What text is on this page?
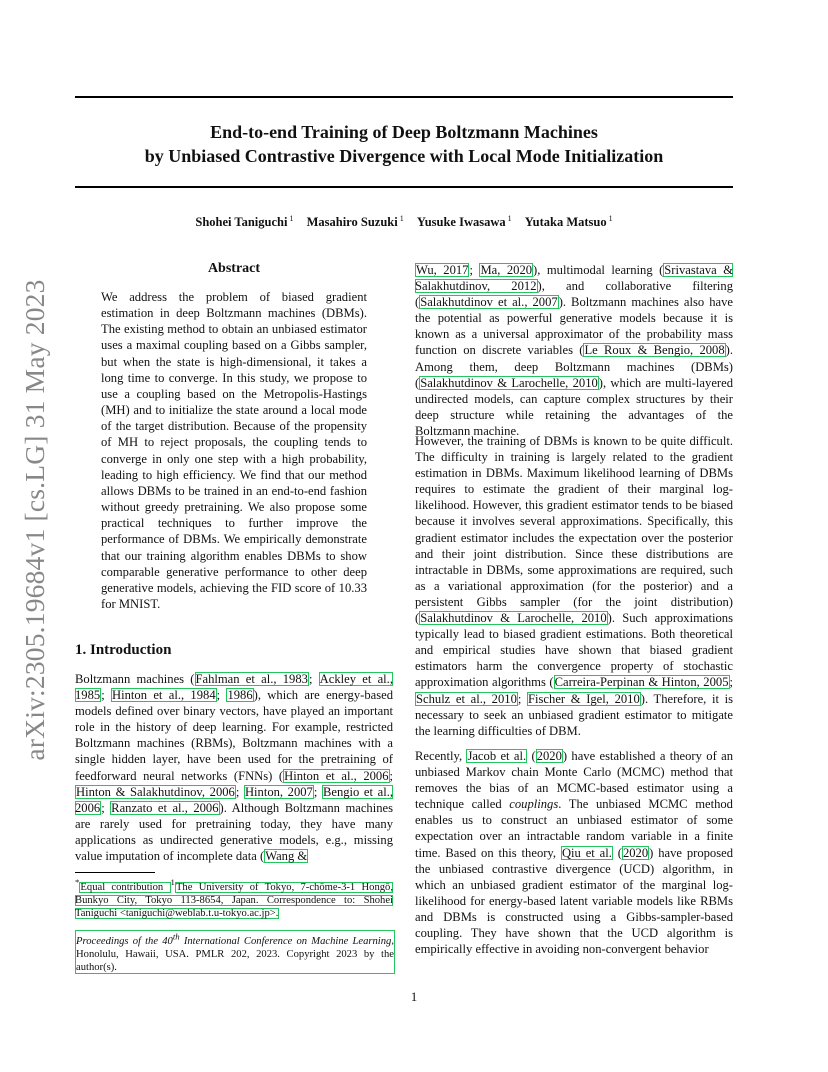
arXiv:2305.19684v1 [cs.LG] 31 May 2023
End-to-end Training of Deep Boltzmann Machines
by Unbiased Contrastive Divergence with Local Mode Initialization
Shohei Taniguchi $^1$ Masahiro Suzuki $^1$ Yusuke Iwasawa $^1$ Yutaka Matsuo $^1$
Abstract

We address the problem of biased gradient estimation in deep Boltzmann machines (DBMs). The existing method to obtain an unbiased estimator uses a maximal coupling based on a Gibbs sampler, but when the state is high-dimensional, it takes a long time to converge. In this study, we propose to use a coupling based on the Metropolis-Hastings (MH) and to initialize the state around a local mode of the target distribution. Because of the propensity of MH to reject proposals, the coupling tends to converge in only one step with a high probability, leading to high efficiency. We find that our method allows DBMs to be trained in an end-to-end fashion without greedy pretraining. We also propose some practical techniques to further improve the performance of DBMs. We empirically demonstrate that our training algorithm enables DBMs to show comparable generative performance to other deep generative models, achieving the FID score of 10.33 for MNIST.

1. Introduction

Boltzmann machines (Fahlman et al., 1983; Ackley et al., 1985; Hinton et al., 1984; 1986), which are energy-based models defined over binary vectors, have played an important role in the history of deep learning. For example, restricted Boltzmann machines (RBMs), Boltzmann machines with a single hidden layer, have been used for the pretraining of feedforward neural networks (FNNs) (Hinton et al., 2006; Hinton & Salakhutdinov, 2006; Hinton, 2007; Bengio et al., 2006; Ranzato et al., 2006). Although Boltzmann machines are rarely used for pretraining today, they have many applications as undirected generative models, e.g., missing value imputation of incomplete data (Wang &

*Equal contribution $^1$The University of Tokyo, 7-chōme-3-1 Hongō, Bunkyo City, Tokyo 113-8654, Japan. Correspondence to: Shohei Taniguchi <taniguchi@weblab.t.u-tokyo.ac.jp>.

Proceedings of the 40th International Conference on Machine Learning, Honolulu, Hawaii, USA. PMLR 202, 2023. Copyright 2023 by the author(s).

Wu, 2017; Ma, 2020), multimodal learning (Srivastava & Salakhutdinov, 2012), and collaborative filtering (Salakhutdinov et al., 2007). Boltzmann machines also have the potential as powerful generative models because it is known as a universal approximator of the probability mass function on discrete variables (Le Roux & Bengio, 2008). Among them, deep Boltzmann machines (DBMs) (Salakhutdinov & Larochelle, 2010), which are multi-layered undirected models, can capture complex structures by their deep structure while retaining the advantages of the Boltzmann machine.

However, the training of DBMs is known to be quite difficult. The difficulty in training is largely related to the gradient estimation in DBMs. Maximum likelihood learning of DBMs requires to estimate the gradient of their marginal log-likelihood. However, this gradient estimator tends to be biased because it involves several approximations. Specifically, this gradient estimator includes the expectation over the posterior and their joint distribution. Since these distributions are intractable in DBMs, some approximations are required, such as a variational approximation (for the posterior) and a persistent Gibbs sampler (for the joint distribution) (Salakhutdinov & Larochelle, 2010). Such approximations typically lead to biased gradient estimations. Both theoretical and empirical studies have shown that biased gradient estimators harm the convergence property of stochastic approximation algorithms (Carreira-Perpinan & Hinton, 2005; Schulz et al., 2010; Fischer & Igel, 2010). Therefore, it is necessary to seek an unbiased gradient estimator to mitigate the learning difficulties of DBM.

Recently, Jacob et al. (2020) have established a theory of an unbiased Markov chain Monte Carlo (MCMC) method that removes the bias of an MCMC-based estimator using a technique called couplings. The unbiased MCMC method enables us to construct an unbiased estimator of some expectation over an intractable random variable in a finite time. Based on this theory, Qiu et al. (2020) have proposed the unbiased contrastive divergence (UCD) algorithm, in which an unbiased gradient estimator of the marginal log-likelihood for energy-based latent variable models like RBMs and DBMs is constructed using a Gibbs-sampler-based coupling. They have shown that the UCD algorithm is empirically effective in avoiding non-convergent behavior

1
